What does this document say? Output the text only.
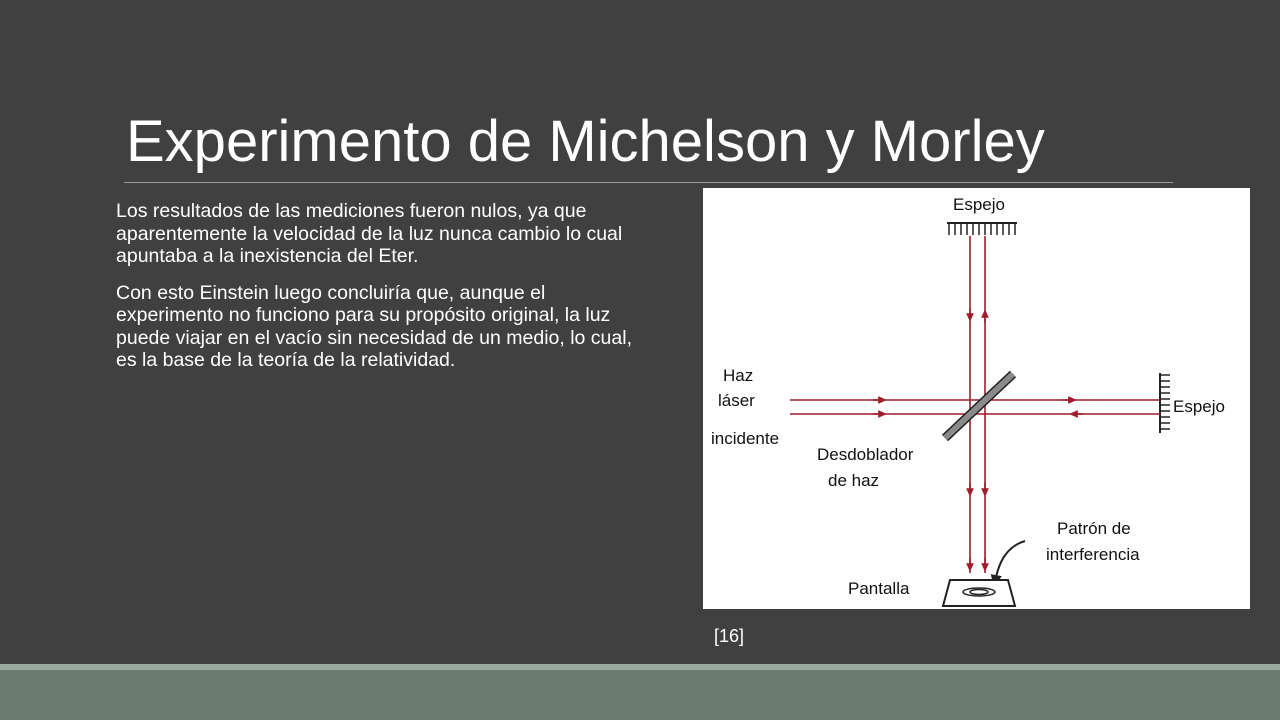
Experimento de Michelson y Morley

Los resultados de las mediciones fueron nulos, ya que aparentemente la velocidad de la luz nunca cambio lo cual apuntaba a la inexistencia del Eter.

Con esto Einstein luego concluiría que, aunque el experimento no funciono para su propósito original, la luz puede viajar en el vacío sin necesidad de un medio, lo cual, es la base de la teoría de la relatividad.

Espejo
Espejo
Haz
láser
incidente
Desdoblador
de haz
Patrón de
interferencia
Pantalla
[16]
